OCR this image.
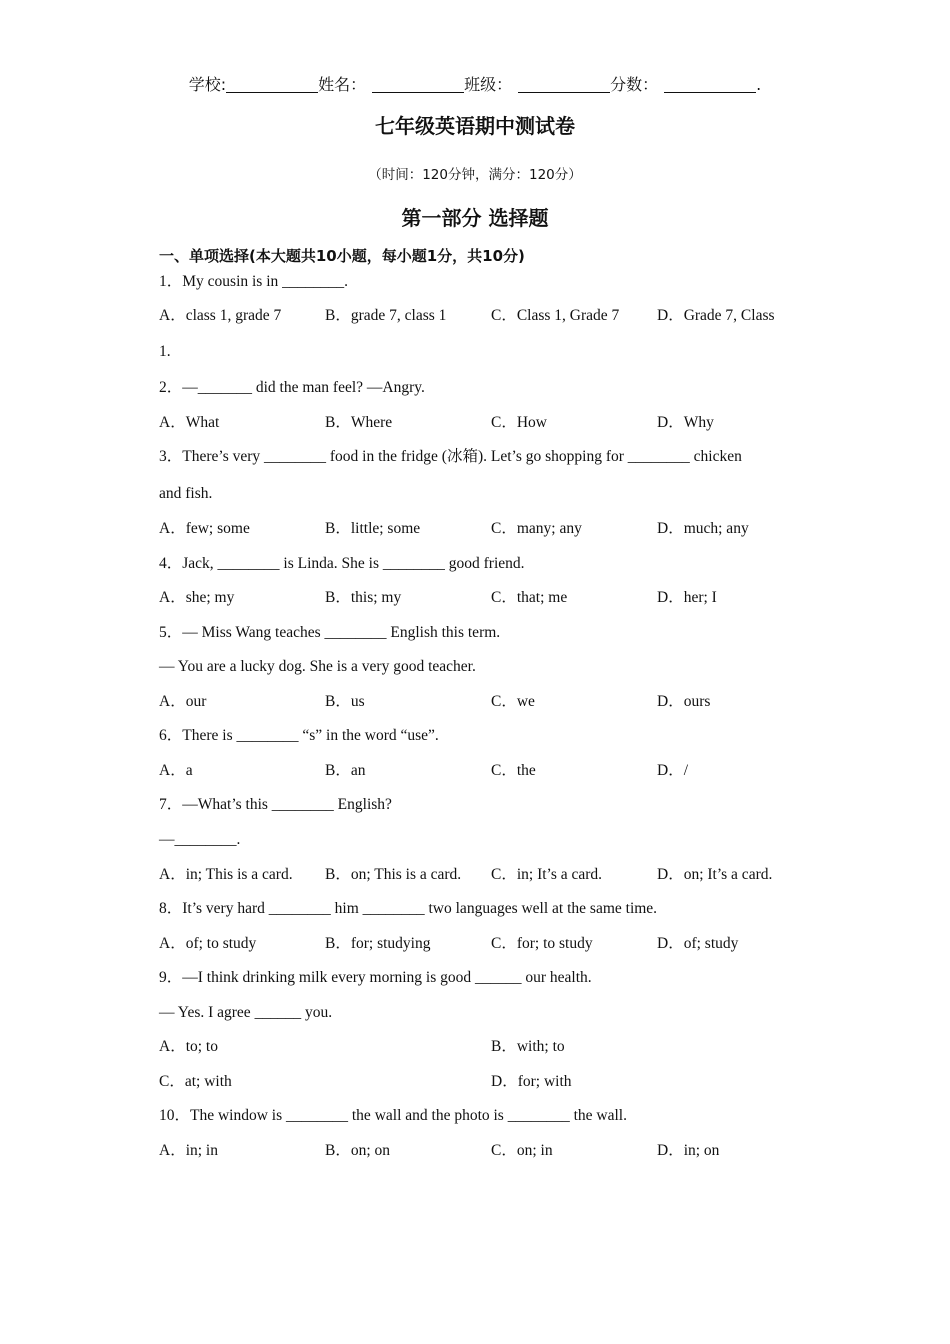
学校:	姓名：	班级：	分数：	.
七年级英语期中测试卷
（时间：120分钟，满分：120分）
第一部分 选择题
一、单项选择(本大题共10小题，每小题1分，共10分)
1．My cousin is in ________.
A．class 1, grade 7	B．grade 7, class 1	C．Class 1, Grade 7 D．Grade 7, Class
1.
2．—_______ did the man feel? —Angry.
A．What	B．Where	C．How	D．Why
3．There’s very ________ food in the fridge (冰箱). Let’s go shopping for ________ chicken
and fish.
A．few; some	B．little; some	C．many; any	D．much; any
4．Jack, ________ is Linda. She is ________ good friend.
A．she; my	B．this; my	C．that; me	D．her; I
5．— Miss Wang teaches ________ English this term.
— You are a lucky dog. She is a very good teacher.
A．our	B．us	C．we	D．ours
6．There is ________ “s” in the word “use”.
A．a	B．an	C．the	D．/
7．—What’s this ________ English?
—________.
A．in; This is a card. B．on; This is a card. C．in; It’s a card.	D．on; It’s a card.
8．It’s very hard ________ him ________ two languages well at the same time.
A．of; to study	B．for; studying	C．for; to study	D．of; study
9．—I think drinking milk every morning is good ______ our health.
— Yes. I agree ______ you.
A．to; to	B．with; to
C．at; with	D．for; with
10．The window is ________ the wall and the photo is ________ the wall.
A．in; in	B．on; on	C．on; in	D．in; on
